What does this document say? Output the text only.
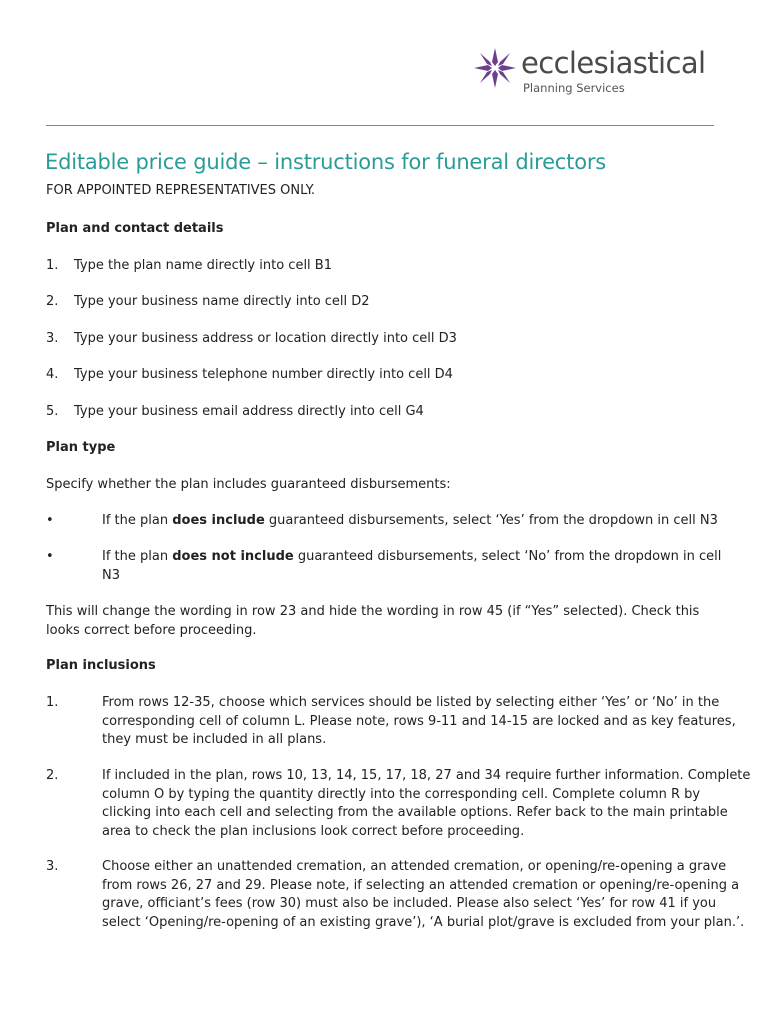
ecclesiastical
Planning Services
Editable price guide – instructions for funeral directors
FOR APPOINTED REPRESENTATIVES ONLY.
Plan and contact details
1. Type the plan name directly into cell B1
2. Type your business name directly into cell D2
3. Type your business address or location directly into cell D3
4. Type your business telephone number directly into cell D4
5. Type your business email address directly into cell G4
Plan type
Specify whether the plan includes guaranteed disbursements:
•	If the plan does include guaranteed disbursements, select ‘Yes’ from the dropdown in cell N3
•	If the plan does not include guaranteed disbursements, select ‘No’ from the dropdown in cell N3
This will change the wording in row 23 and hide the wording in row 45 (if “Yes” selected). Check this looks correct before proceeding.
Plan inclusions
1.	From rows 12-35, choose which services should be listed by selecting either ‘Yes’ or ‘No’ in the corresponding cell of column L. Please note, rows 9-11 and 14-15 are locked and as key features, they must be included in all plans.
2.	If included in the plan, rows 10, 13, 14, 15, 17, 18, 27 and 34 require further information. Complete column O by typing the quantity directly into the corresponding cell. Complete column R by clicking into each cell and selecting from the available options. Refer back to the main printable area to check the plan inclusions look correct before proceeding.
3.	Choose either an unattended cremation, an attended cremation, or opening/re-opening a grave from rows 26, 27 and 29. Please note, if selecting an attended cremation or opening/re-opening a grave, officiant’s fees (row 30) must also be included. Please also select ‘Yes’ for row 41 if you select ‘Opening/re-opening of an existing grave’), ‘A burial plot/grave is excluded from your plan.’.
